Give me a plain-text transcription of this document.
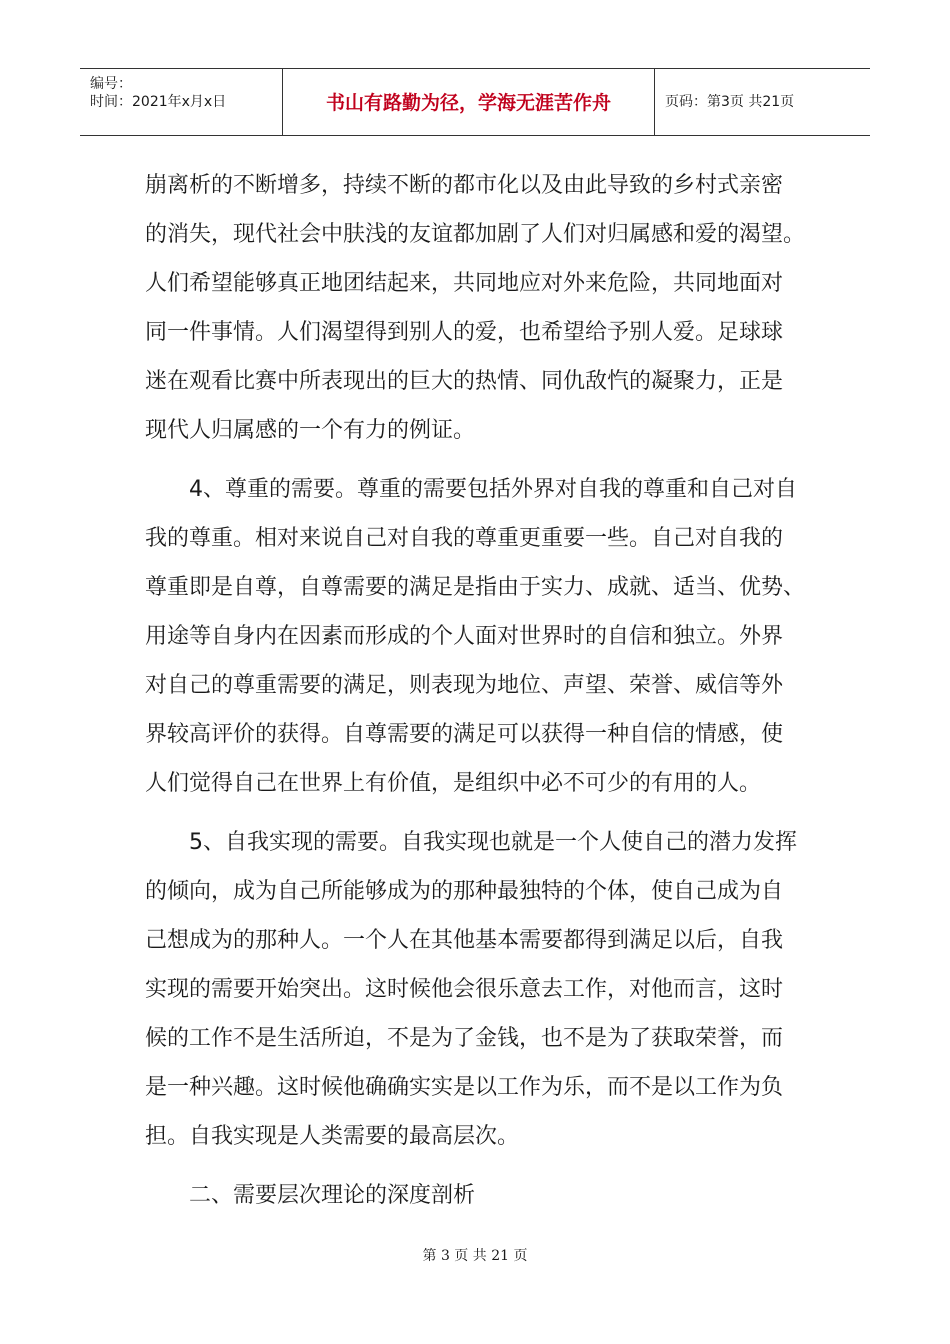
编号：
时间：2021年x月x日	书山有路勤为径，学海无涯苦作舟	页码：第3页 共21页
崩离析的不断增多，持续不断的都市化以及由此导致的乡村式亲密
的消失，现代社会中肤浅的友谊都加剧了人们对归属感和爱的渴望。
人们希望能够真正地团结起来，共同地应对外来危险，共同地面对
同一件事情。人们渴望得到别人的爱，也希望给予别人爱。足球球
迷在观看比赛中所表现出的巨大的热情、同仇敌忾的凝聚力，正是
现代人归属感的一个有力的例证。
4、尊重的需要。尊重的需要包括外界对自我的尊重和自己对自
我的尊重。相对来说自己对自我的尊重更重要一些。自己对自我的
尊重即是自尊，自尊需要的满足是指由于实力、成就、适当、优势、
用途等自身内在因素而形成的个人面对世界时的自信和独立。外界
对自己的尊重需要的满足，则表现为地位、声望、荣誉、威信等外
界较高评价的获得。自尊需要的满足可以获得一种自信的情感，使
人们觉得自己在世界上有价值，是组织中必不可少的有用的人。
5、自我实现的需要。自我实现也就是一个人使自己的潜力发挥
的倾向，成为自己所能够成为的那种最独特的个体，使自己成为自
己想成为的那种人。一个人在其他基本需要都得到满足以后，自我
实现的需要开始突出。这时候他会很乐意去工作，对他而言，这时
候的工作不是生活所迫，不是为了金钱，也不是为了获取荣誉，而
是一种兴趣。这时候他确确实实是以工作为乐，而不是以工作为负
担。自我实现是人类需要的最高层次。
二、需要层次理论的深度剖析
第 3 页 共 21 页
